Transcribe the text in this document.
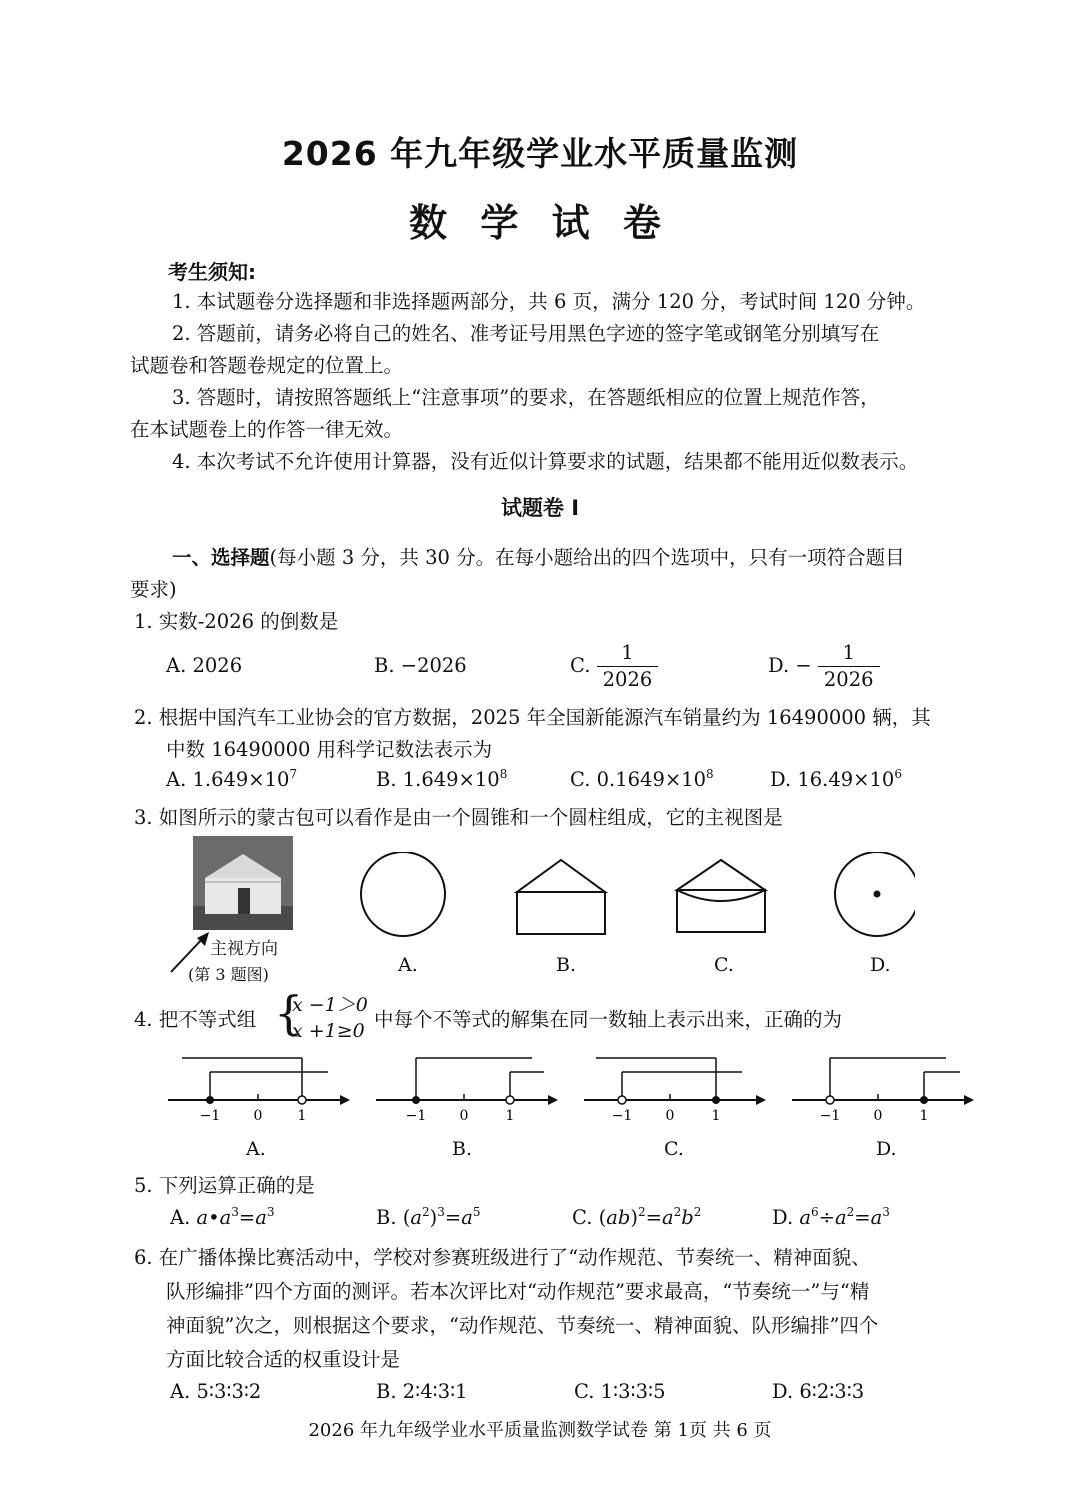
2026 年九年级学业水平质量监测
数 学 试 卷
考生须知:
1. 本试题卷分选择题和非选择题两部分，共 6 页，满分 120 分，考试时间 120 分钟。
2. 答题前，请务必将自己的姓名、准考证号用黑色字迹的签字笔或钢笔分别填写在
试题卷和答题卷规定的位置上。
3. 答题时，请按照答题纸上“注意事项”的要求，在答题纸相应的位置上规范作答，
在本试题卷上的作答一律无效。
4. 本次考试不允许使用计算器，没有近似计算要求的试题，结果都不能用近似数表示。
试题卷 I
一、选择题(每小题 3 分，共 30 分。在每小题给出的四个选项中，只有一项符合题目
要求)
1. 实数-2026 的倒数是
A. 2026	B. −2026	C. $\frac{1}{2026}$	D. − $\frac{1}{2026}$
2. 根据中国汽车工业协会的官方数据，2025 年全国新能源汽车销量约为 16490000 辆，其
中数 16490000 用科学记数法表示为
A. $1.649\times 10^7$	B. $1.649\times 10^8$	C. $0.1649\times 10^8$	D. $16.49\times 10^6$
3. 如图所示的蒙古包可以看作是由一个圆锥和一个圆柱组成，它的主视图是
主视方向
(第 3 题图)	A.	B.	C.	D.
4. 把不等式组 {
x −1＞0
x +1≥0 中每个不等式的解集在同一数轴上表示出来，正确的为
−1 0	1	−1 0	1	−1 0	1	−1 0	1
A.	B.	C.	D.
5. 下列运算正确的是
A. $a•a^3=a^3$	B. $(a^2)^3=a^5$	C. $(ab)^2=a^2b^2$	D. $a^6\div a^2=a^3$
6. 在广播体操比赛活动中，学校对参赛班级进行了“动作规范、节奏统一、精神面貌、
队形编排”四个方面的测评。若本次评比对“动作规范”要求最高，“节奏统一”与“精
神面貌”次之，则根据这个要求，“动作规范、节奏统一、精神面貌、队形编排”四个
方面比较合适的权重设计是
A. 5∶3∶3∶2	B. 2∶4∶3∶1	C. 1∶3∶3∶5	D. 6∶2∶3∶3
2026 年九年级学业水平质量监测数学试卷 第 1页 共 6 页
